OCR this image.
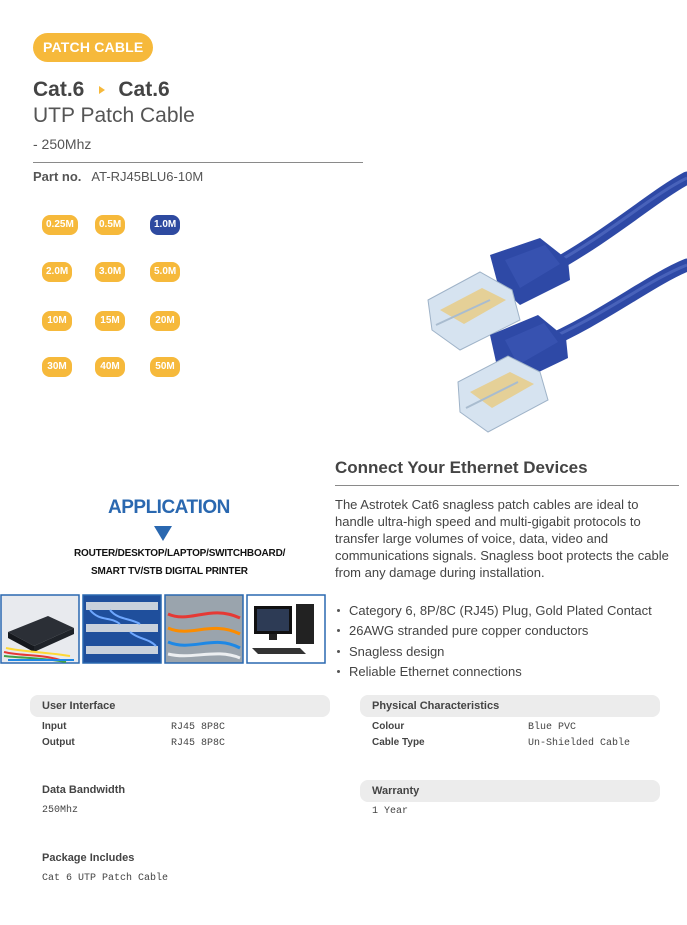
PATCH CABLE
Cat.6 Cat.6
UTP Patch Cable
- 250Mhz
Part no. AT-RJ45BLU6-10M
0.25M	0.5M	1.0M
2.0M	3.0M	5.0M
10M	15M	20M
30M	40M	50M
Connect Your Ethernet Devices
The Astrotek Cat6 snagless patch cables are ideal to handle ultra-high speed and multi-gigabit protocols to transfer large volumes of voice, data, video and communications signals. Snagless boot protects the cable from any damage during installation.
Category 6, 8P/8C (RJ45) Plug, Gold Plated Contact
26AWG stranded pure copper conductors
Snagless design
Reliable Ethernet connections
APPLICATION
ROUTER/DESKTOP/LAPTOP/SWITCHBOARD/
SMART TV/STB DIGITAL PRINTER
User Interface
Input	RJ45 8P8C
Output	RJ45 8P8C
Physical Characteristics
Colour	Blue PVC
Cable Type	Un-Shielded Cable
Data Bandwidth
250Mhz
Warranty
1 Year
Package Includes
Cat 6 UTP Patch Cable
